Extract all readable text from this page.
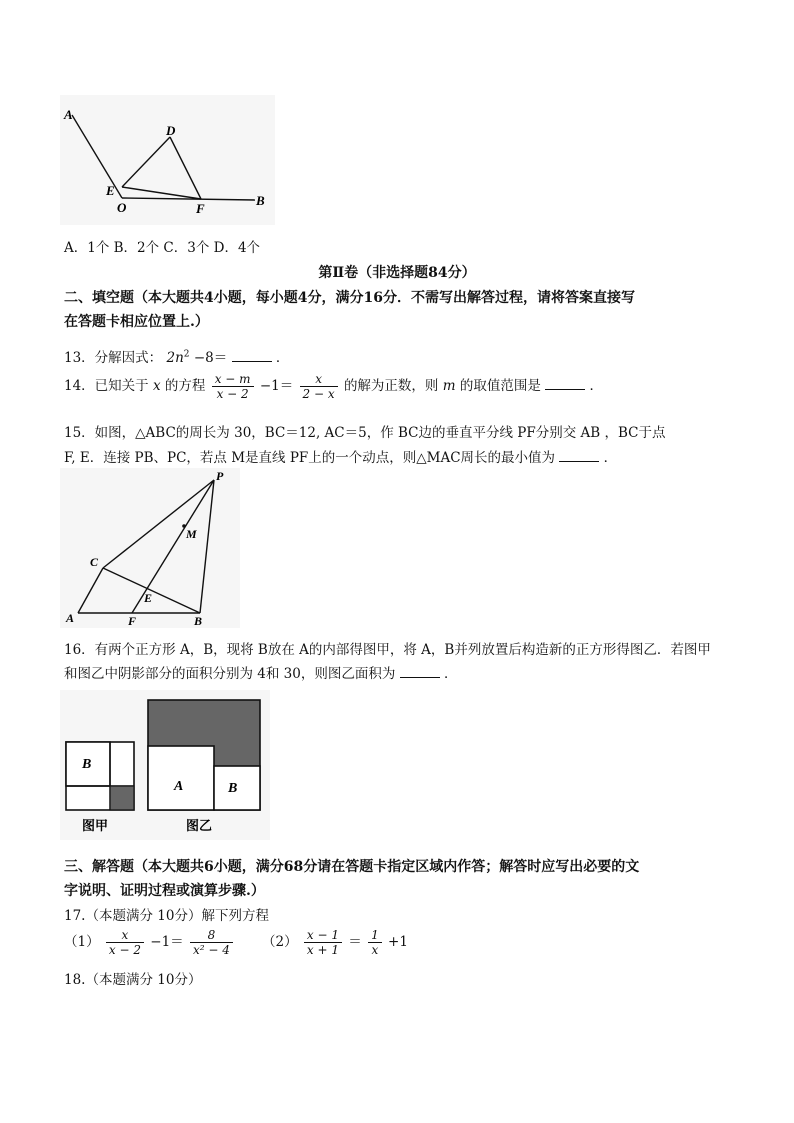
A
D
E
O	F
B
A．1个 B．2个 C．3个 D．4个
第Ⅱ卷（非选择题84分）
二、填空题（本大题共4小题，每小题4分，满分16分．不需写出解答过程，请将答案直接写
在答题卡相应位置上.）
13．分解因式： $2n^2 -8=$	．
14．已知关于 x 的方程 $\frac{x - m}{x - 2} -1= \frac{x}{2 - x}$ 的解为正数，则 m 的取值范围是	．
15．如图，△ABC的周长为 30，BC＝12, AC＝5，作 BC边的垂直平分线 PF分别交 AB ，BC于点
F, E．连接 PB、PC，若点 M是直线 PF上的一个动点，则△MAC周长的最小值为	．
P
M
C
E
A	F	B
16．有两个正方形 A，B，现将 B放在 A的内部得图甲，将 A，B并列放置后构造新的正方形得图乙．若图甲
和图乙中阴影部分的面积分别为 4和 30，则图乙面积为	．
B
图甲
A	B
图乙
三、解答题（本大题共6小题，满分68分请在答题卡指定区域内作答；解答时应写出必要的文
字说明、证明过程或演算步骤.）
17.（本题满分 10分）解下列方程
$(1) \frac{x}{x - 2} -1= \frac{8}{\text{x² − 4}} (2) \frac{x - 1}{x + 1} = \frac{1}{x} +1$
18.（本题满分 10分）
